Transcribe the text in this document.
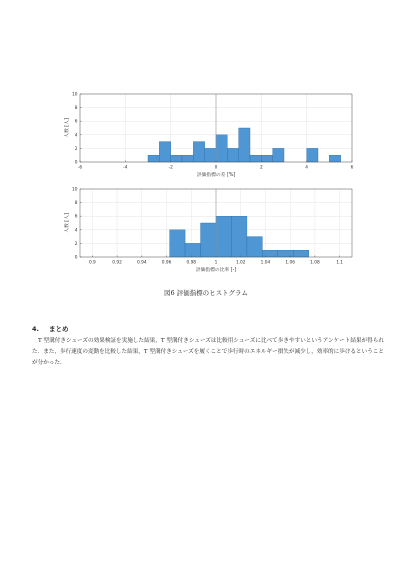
-6	-4	-2	0	2	4	6
0
2
4
6
8
10
評価指標の差 [%]
人数 [人]
0.9	0.92	0.94	0.96	0.98	1	1.02	1.04	1.06	1.08	1.1
0
2
4
6
8
10
評価指標の比率 [-]
人数 [人]
図6 評価指標のヒストグラム
4. まとめ

T 型溝付きシューズの効果検証を実施した結果，T 型溝付きシューズは比較用シューズに比べて歩きやすいというアンケート結果が得られた．また，歩行速度の変動を比較した結果，T 型溝付きシューズを履くことで歩行時のエネルギー損失が減少し，効率的に歩けるということが分かった．
